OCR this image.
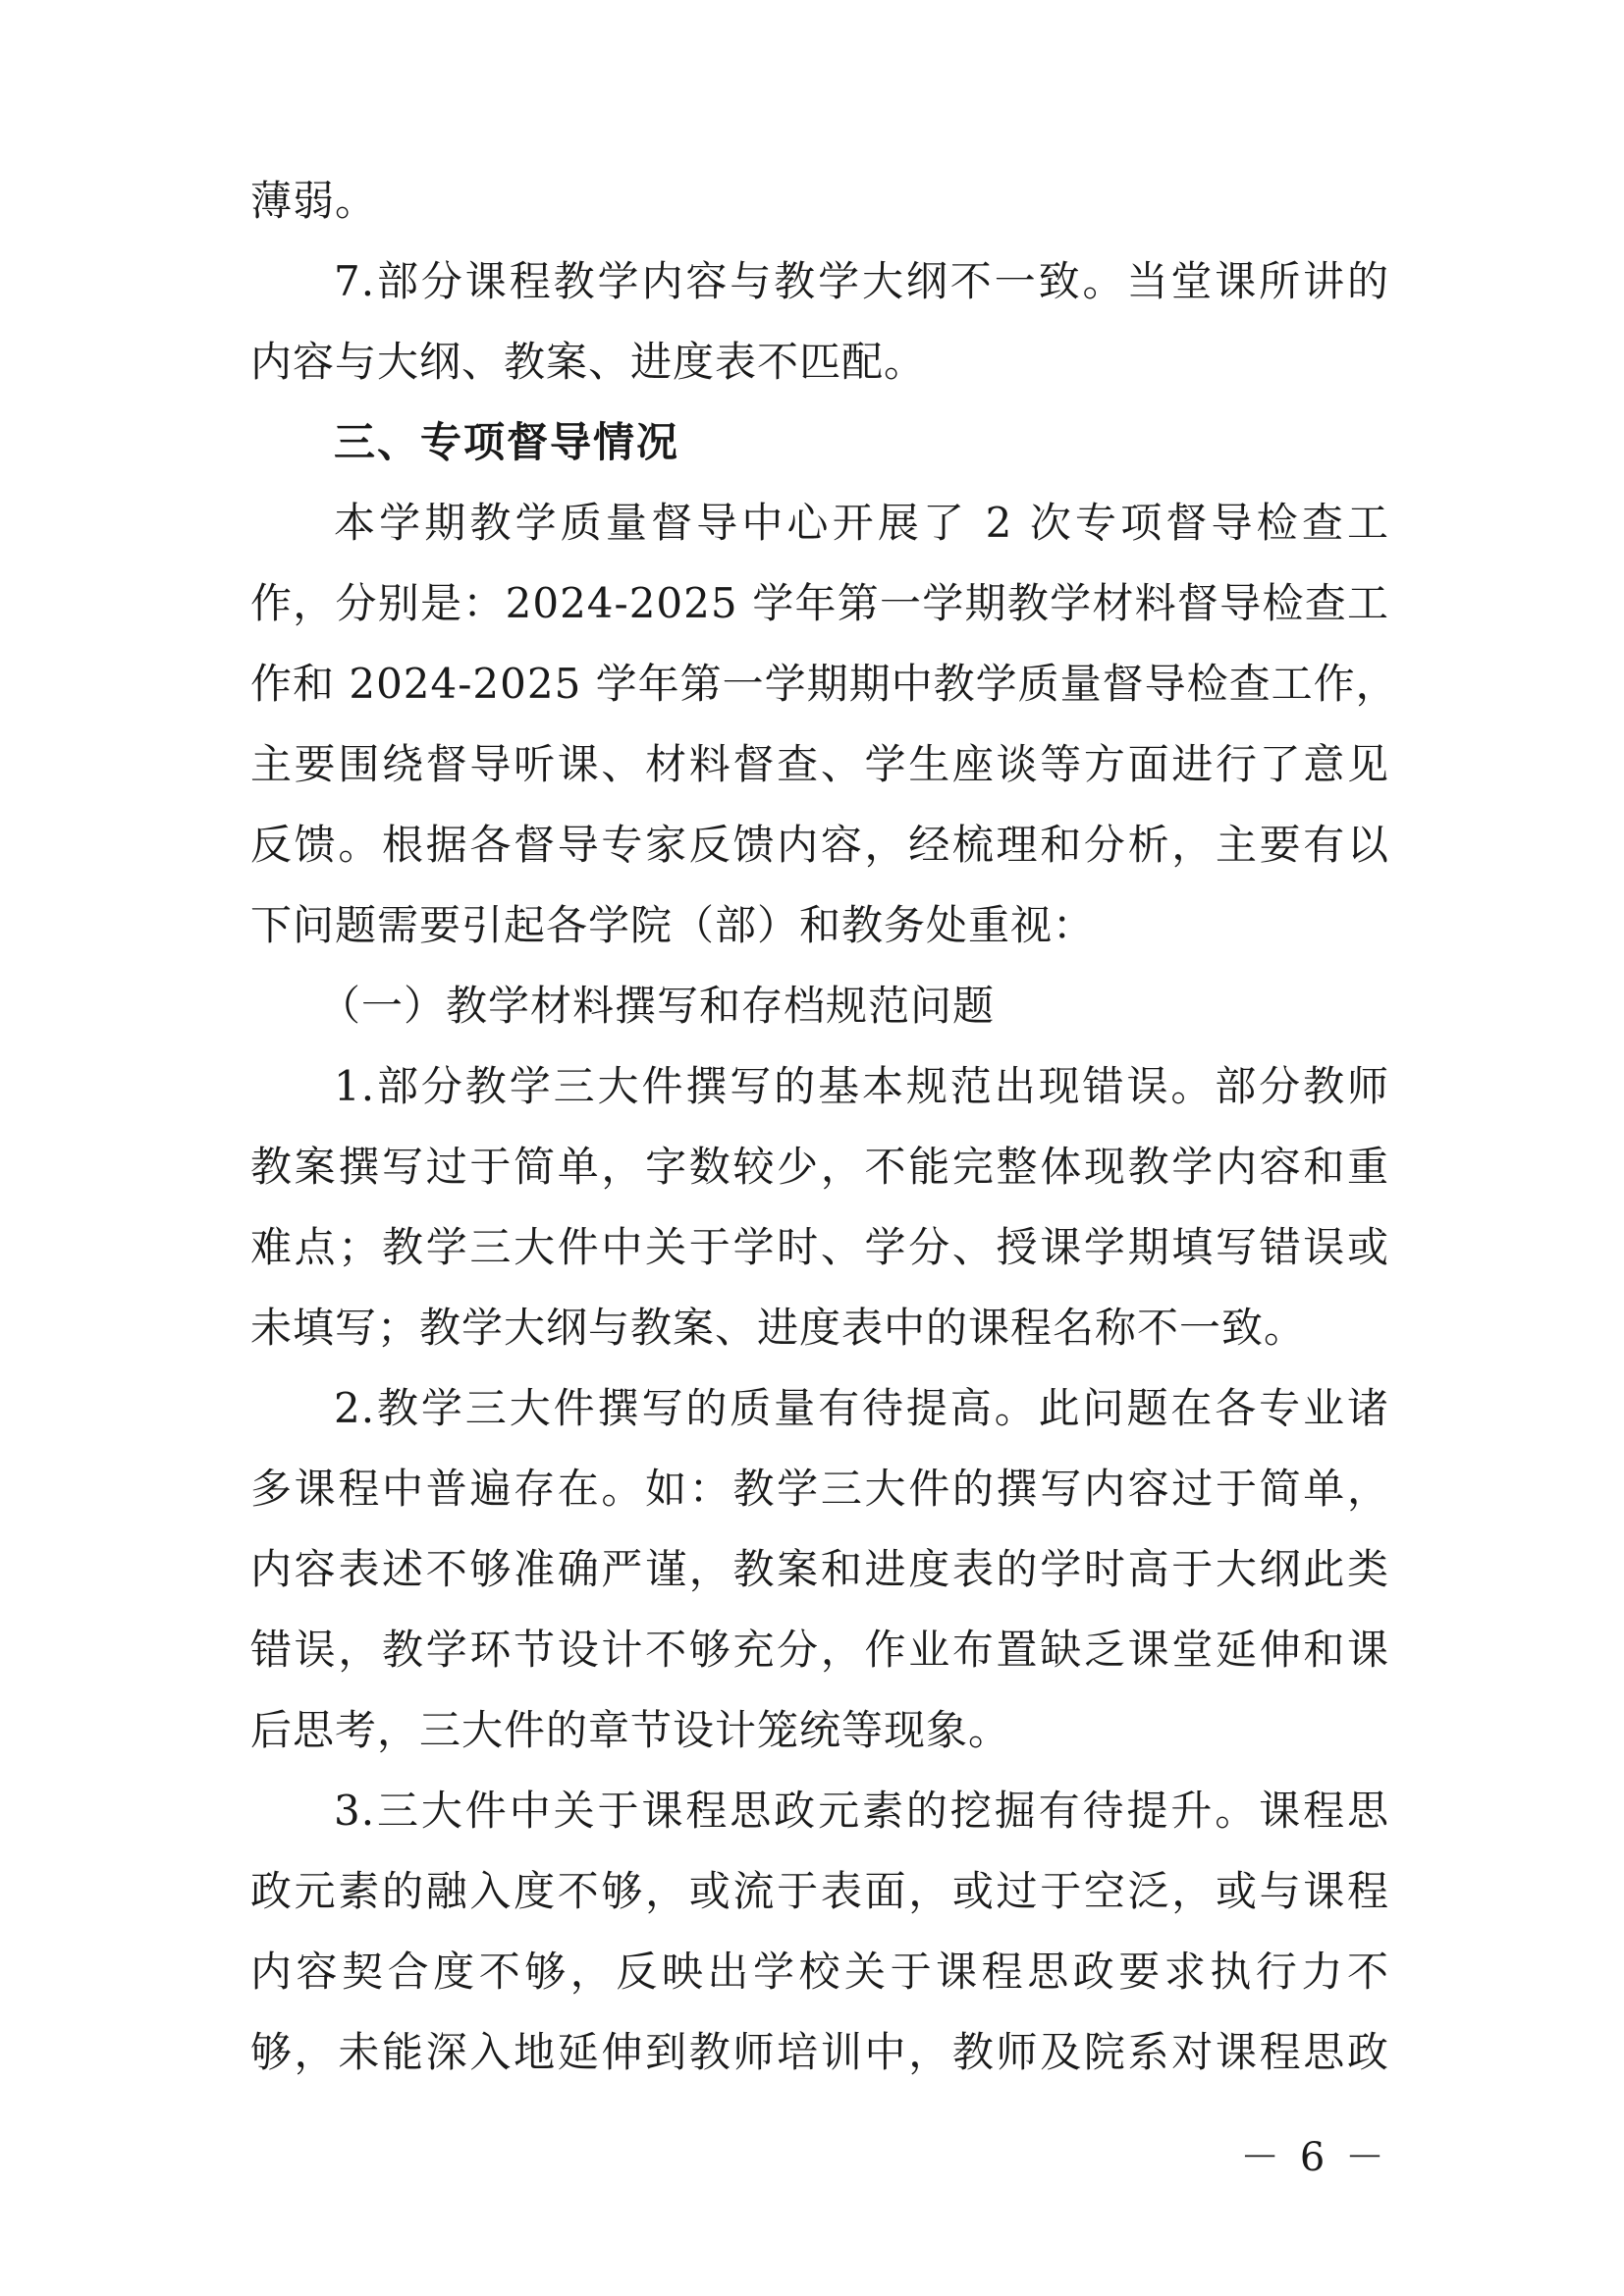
薄弱。
7.部分课程教学内容与教学大纲不一致。当堂课所讲的
内容与大纲、教案、进度表不匹配。
三、专项督导情况
本学期教学质量督导中心开展了 2 次专项督导检查工
作，分别是：2024-2025 学年第一学期教学材料督导检查工
作和 2024-2025 学年第一学期期中教学质量督导检查工作，
主要围绕督导听课、材料督查、学生座谈等方面进行了意见
反馈。根据各督导专家反馈内容，经梳理和分析，主要有以
下问题需要引起各学院（部）和教务处重视：
（一）教学材料撰写和存档规范问题
1.部分教学三大件撰写的基本规范出现错误。部分教师
教案撰写过于简单，字数较少，不能完整体现教学内容和重
难点；教学三大件中关于学时、学分、授课学期填写错误或
未填写；教学大纲与教案、进度表中的课程名称不一致。
2.教学三大件撰写的质量有待提高。此问题在各专业诸
多课程中普遍存在。如：教学三大件的撰写内容过于简单，
内容表述不够准确严谨，教案和进度表的学时高于大纲此类
错误，教学环节设计不够充分，作业布置缺乏课堂延伸和课
后思考，三大件的章节设计笼统等现象。
3.三大件中关于课程思政元素的挖掘有待提升。课程思
政元素的融入度不够，或流于表面，或过于空泛，或与课程
内容契合度不够，反映出学校关于课程思政要求执行力不
够，未能深入地延伸到教师培训中，教师及院系对课程思政
－ 6 －
